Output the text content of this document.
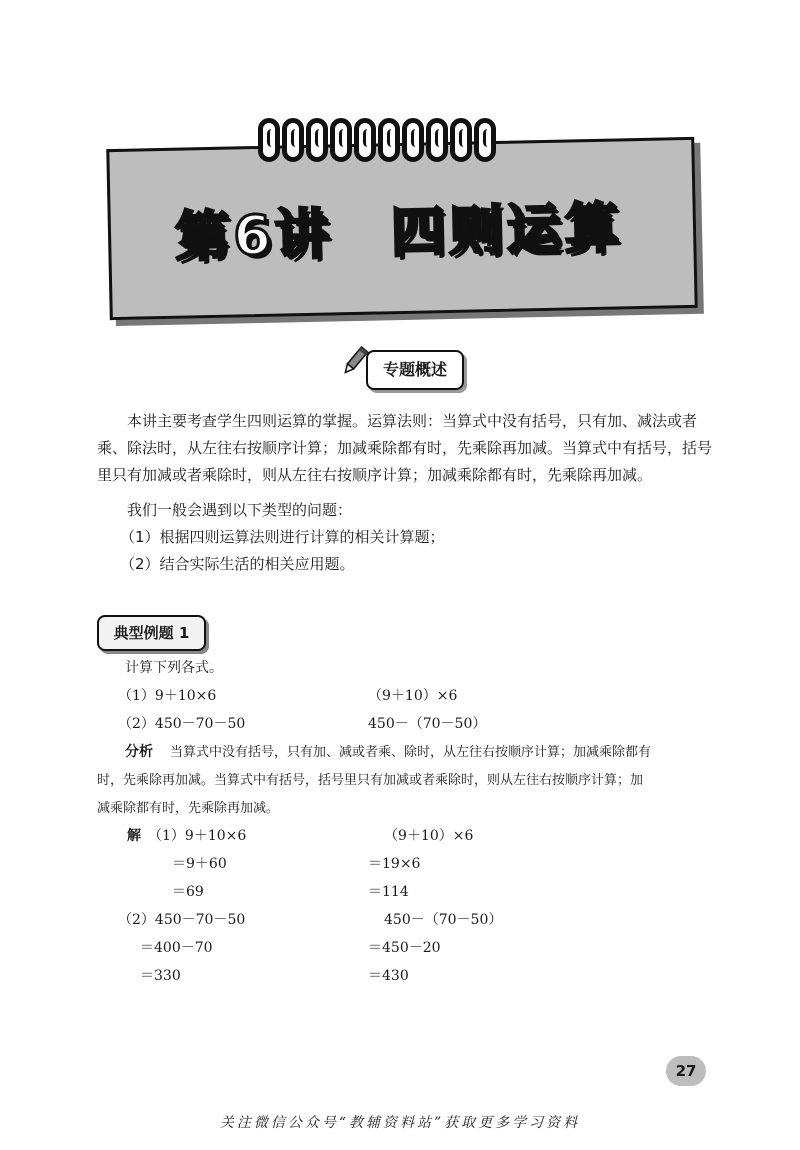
第6讲　四则运算
专题概述
本讲主要考查学生四则运算的掌握。运算法则：当算式中没有括号，只有加、减法或者乘、除法时，从左往右按顺序计算；加减乘除都有时，先乘除再加减。当算式中有括号，括号里只有加减或者乘除时，则从左往右按顺序计算；加减乘除都有时，先乘除再加减。
我们一般会遇到以下类型的问题：
（1）根据四则运算法则进行计算的相关计算题；
（2）结合实际生活的相关应用题。
典型例题 1
计算下列各式。
（1）9＋10×6	（9＋10）×6
（2）450－70－50	450－（70－50）
分析 当算式中没有括号，只有加、减或者乘、除时，从左往右按顺序计算；加减乘除都有
时，先乘除再加减。当算式中有括号，括号里只有加减或者乘除时，则从左往右按顺序计算；加
减乘除都有时，先乘除再加减。
解 （1）9＋10×6
＝9＋60
＝69
（9＋10）×6
＝19×6
＝114
（2）450－70－50
＝400－70
＝330
450－（70－50）
＝450－20
＝430
27
关注微信公众号“教辅资料站”获取更多学习资料
